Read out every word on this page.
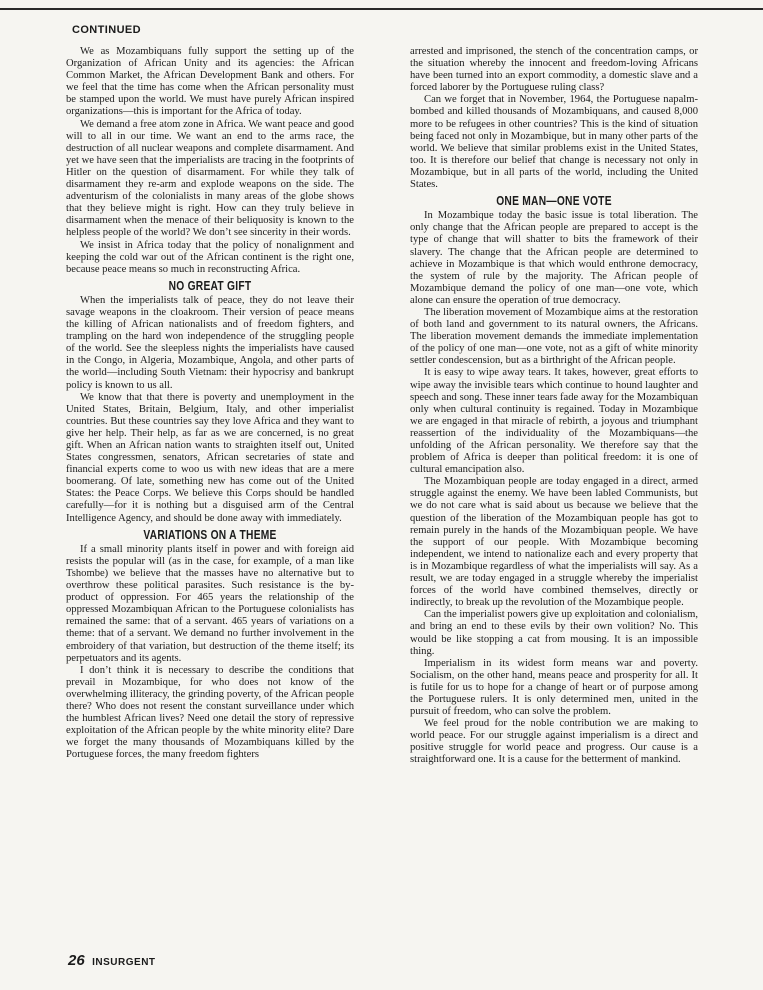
CONTINUED

We as Mozambiquans fully support the setting up of the Organization of African Unity and its agencies: the African Common Market, the African Development Bank and others. For we feel that the time has come when the African personality must be stamped upon the world. We must have purely African inspired organizations—this is important for the Africa of today.

We demand a free atom zone in Africa. We want peace and good will to all in our time. We want an end to the arms race, the destruction of all nuclear weapons and complete disarmament. And yet we have seen that the imperialists are tracing in the footprints of Hitler on the question of disarmament. For while they talk of disarmament they re-arm and explode weapons on the side. The adventurism of the colonialists in many areas of the globe shows that they believe might is right. How can they truly believe in disarmament when the menace of their beliquosity is known to the helpless people of the world? We don’t see sincerity in their words.

We insist in Africa today that the policy of nonalignment and keeping the cold war out of the African continent is the right one, because peace means so much in reconstructing Africa.

NO GREAT GIFT

When the imperialists talk of peace, they do not leave their savage weapons in the cloakroom. Their version of peace means the killing of African nationalists and of freedom fighters, and trampling on the hard won independence of the struggling people of the world. See the sleepless nights the imperialists have caused in the Congo, in Algeria, Mozambique, Angola, and other parts of the world—including South Vietnam: their hypocrisy and bankrupt policy is known to us all.

We know that that there is poverty and unemployment in the United States, Britain, Belgium, Italy, and other imperialist countries. But these countries say they love Africa and they want to give her help. Their help, as far as we are concerned, is no great gift. When an African nation wants to straighten itself out, United States congressmen, senators, African secretaries of state and financial experts come to woo us with new ideas that are a mere boomerang. Of late, something new has come out of the United States: the Peace Corps. We believe this Corps should be handled carefully—for it is nothing but a disguised arm of the Central Intelligence Agency, and should be done away with immediately.

VARIATIONS ON A THEME

If a small minority plants itself in power and with foreign aid resists the popular will (as in the case, for example, of a man like Tshombe) we believe that the masses have no alternative but to overthrow these political parasites. Such resistance is the by-product of oppression. For 465 years the relationship of the oppressed Mozambiquan African to the Portuguese colonialists has remained the same: that of a servant. 465 years of variations on a theme: that of a servant. We demand no further involvement in the embroidery of that variation, but destruction of the theme itself; its perpetuators and its agents.

I don’t think it is necessary to describe the conditions that prevail in Mozambique, for who does not know of the overwhelming illiteracy, the grinding poverty, of the African people there? Who does not resent the constant surveillance under which the humblest African lives? Need one detail the story of repressive exploitation of the African people by the white minority elite? Dare we forget the many thousands of Mozambiquans killed by the Portuguese forces, the many freedom fighters

arrested and imprisoned, the stench of the concentration camps, or the situation whereby the innocent and freedom-loving Africans have been turned into an export commodity, a domestic slave and a forced laborer by the Portuguese ruling class?

Can we forget that in November, 1964, the Portuguese napalm-bombed and killed thousands of Mozambiquans, and caused 8,000 more to be refugees in other countries? This is the kind of situation being faced not only in Mozambique, but in many other parts of the world. We believe that similar problems exist in the United States, too. It is therefore our belief that change is necessary not only in Mozambique, but in all parts of the world, including the United States.

ONE MAN—ONE VOTE

In Mozambique today the basic issue is total liberation. The only change that the African people are prepared to accept is the type of change that will shatter to bits the framework of their slavery. The change that the African people are determined to achieve in Mozambique is that which would enthrone democracy, the system of rule by the majority. The African people of Mozambique demand the policy of one man—one vote, which alone can ensure the operation of true democracy.

The liberation movement of Mozambique aims at the restoration of both land and government to its natural owners, the Africans. The liberation movement demands the immediate implementation of the policy of one man—one vote, not as a gift of white minority settler condescension, but as a birthright of the African people.

It is easy to wipe away tears. It takes, however, great efforts to wipe away the invisible tears which continue to hound laughter and speech and song. These inner tears fade away for the Mozambiquan only when cultural continuity is regained. Today in Mozambique we are engaged in that miracle of rebirth, a joyous and triumphant reassertion of the individuality of the Mozambiquans—the unfolding of the African personality. We therefore say that the problem of Africa is deeper than political freedom: it is one of cultural emancipation also.

The Mozambiquan people are today engaged in a direct, armed struggle against the enemy. We have been labled Communists, but we do not care what is said about us because we believe that the question of the liberation of the Mozambiquan people has got to remain purely in the hands of the Mozambiquan people. We have the support of our people. With Mozambique becoming independent, we intend to nationalize each and every property that is in Mozambique regardless of what the imperialists will say. As a result, we are today engaged in a struggle whereby the imperialist forces of the world have combined themselves, directly or indirectly, to break up the revolution of the Mozambique people.

Can the imperialist powers give up exploitation and colonialism, and bring an end to these evils by their own volition? No. This would be like stopping a cat from mousing. It is an impossible thing.

Imperialism in its widest form means war and poverty. Socialism, on the other hand, means peace and prosperity for all. It is futile for us to hope for a change of heart or of purpose among the Portuguese rulers. It is only determined men, united in the pursuit of freedom, who can solve the problem.

We feel proud for the noble contribution we are making to world peace. For our struggle against imperialism is a direct and positive struggle for world peace and progress. Our cause is a straightforward one. It is a cause for the betterment of mankind.

26 INSURGENT
